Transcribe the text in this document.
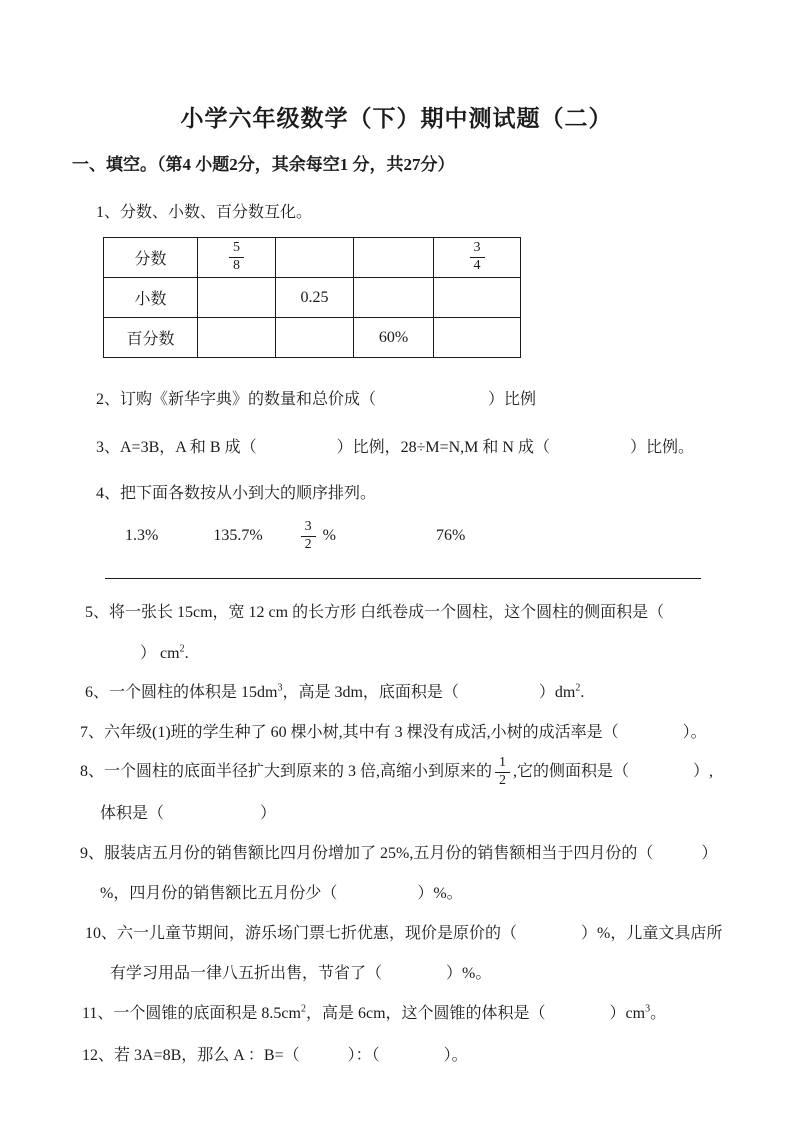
小学六年级数学（下）期中测试题（二）
一、填空。（第4 小题2分，其余每空1 分，共27分）
1、分数、小数、百分数互化。
分数	$\frac{5}{8}$			$\frac{3}{4}$

小数		0.25		
百分数			60%	
2、订购《新华字典》的数量和总价成（　　　　　　　）比例
3、A=3B，A 和 B 成（　　　　　）比例，28÷M=N,M 和 N 成（　　　　　）比例。
4、把下面各数按从小到大的顺序排列。
1.3%	135.7%	$\frac{3}{2}$ %	76%
5、将一张长 15cm，宽 12 cm 的长方形 白纸卷成一个圆柱，这个圆柱的侧面积是（
） $cm^2$.
6、一个圆柱的体积是 $15dm^3$，高是 3dm，底面积是（　　　　　）$dm^2$.
7、六年级(1)班的学生种了 60 棵小树,其中有 3 棵没有成活,小树的成活率是（　　　　）。
8、一个圆柱的底面半径扩大到原来的 3 倍,高缩小到原来的 $\frac{1}{2}$ ,它的侧面积是（　　　　）,
体积是（　　　　　　）
9、服装店五月份的销售额比四月份增加了 25%,五月份的销售额相当于四月份的（　　　）
%，四月份的销售额比五月份少（　　　　　）%。
10、六一儿童节期间，游乐场门票七折优惠，现价是原价的（　　　　）%，儿童文具店所
有学习用品一律八五折出售，节省了（　　　　）%。
11、一个圆锥的底面积是 $8.5cm^2$，高是 6cm，这个圆锥的体积是（　　　　）$cm^3$。
12、若 3A=8B，那么 A ：B=（　　　）：（　　　　）。
